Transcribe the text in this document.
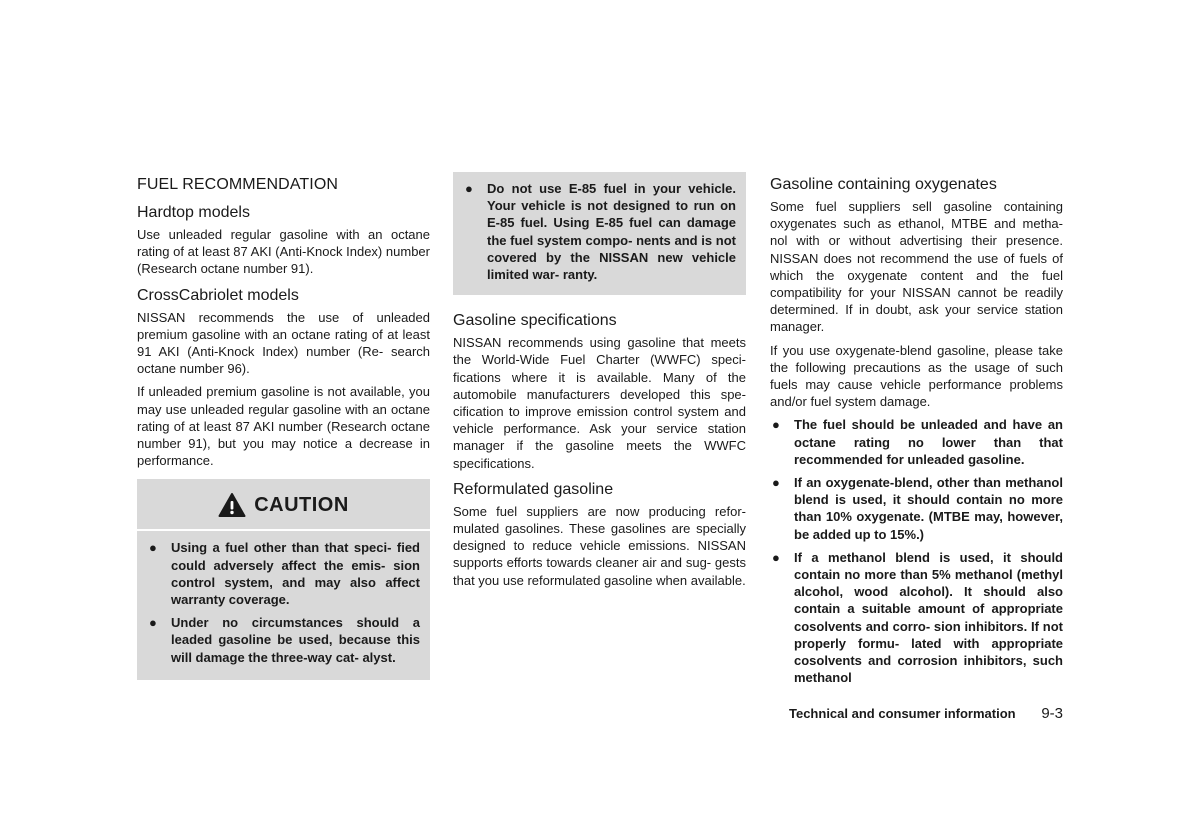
FUEL RECOMMENDATION
Hardtop models

Use unleaded regular gasoline with an octane rating of at least 87 AKI (Anti-Knock Index) number (Research octane number 91).

CrossCabriolet models

NISSAN recommends the use of unleaded premium gasoline with an octane rating of at least 91 AKI (Anti-Knock Index) number (Re- search octane number 96).

If unleaded premium gasoline is not available, you may use unleaded regular gasoline with an octane rating of at least 87 AKI number (Research octane number 91), but you may notice a decrease in performance.

CAUTION
● Using a fuel other than that speci- fied could adversely affect the emis- sion control system, and may also affect warranty coverage.
● Under no circumstances should a leaded gasoline be used, because this will damage the three-way cat- alyst.
● Do not use E-85 fuel in your vehicle. Your vehicle is not designed to run on E-85 fuel. Using E-85 fuel can damage the fuel system compo- nents and is not covered by the NISSAN new vehicle limited war- ranty.
Gasoline specifications

NISSAN recommends using gasoline that meets the World-Wide Fuel Charter (WWFC) speci- fications where it is available. Many of the automobile manufacturers developed this spe- cification to improve emission control system and vehicle performance. Ask your service station manager if the gasoline meets the WWFC specifications.

Reformulated gasoline

Some fuel suppliers are now producing refor- mulated gasolines. These gasolines are specially designed to reduce vehicle emissions. NISSAN supports efforts towards cleaner air and sug- gests that you use reformulated gasoline when available.

Gasoline containing oxygenates

Some fuel suppliers sell gasoline containing oxygenates such as ethanol, MTBE and metha- nol with or without advertising their presence. NISSAN does not recommend the use of fuels of which the oxygenate content and the fuel compatibility for your NISSAN cannot be readily determined. If in doubt, ask your service station manager.

If you use oxygenate-blend gasoline, please take the following precautions as the usage of such fuels may cause vehicle performance problems and/or fuel system damage.

● The fuel should be unleaded and have an octane rating no lower than that recommended for unleaded gasoline.
● If an oxygenate-blend, other than methanol blend is used, it should contain no more than 10% oxygenate. (MTBE may, however, be added up to 15%.)
● If a methanol blend is used, it should contain no more than 5% methanol (methyl alcohol, wood alcohol). It should also contain a suitable amount of appropriate cosolvents and corro- sion inhibitors. If not properly formu- lated with appropriate cosolvents and corrosion inhibitors, such methanol
Technical and consumer information 9-3
